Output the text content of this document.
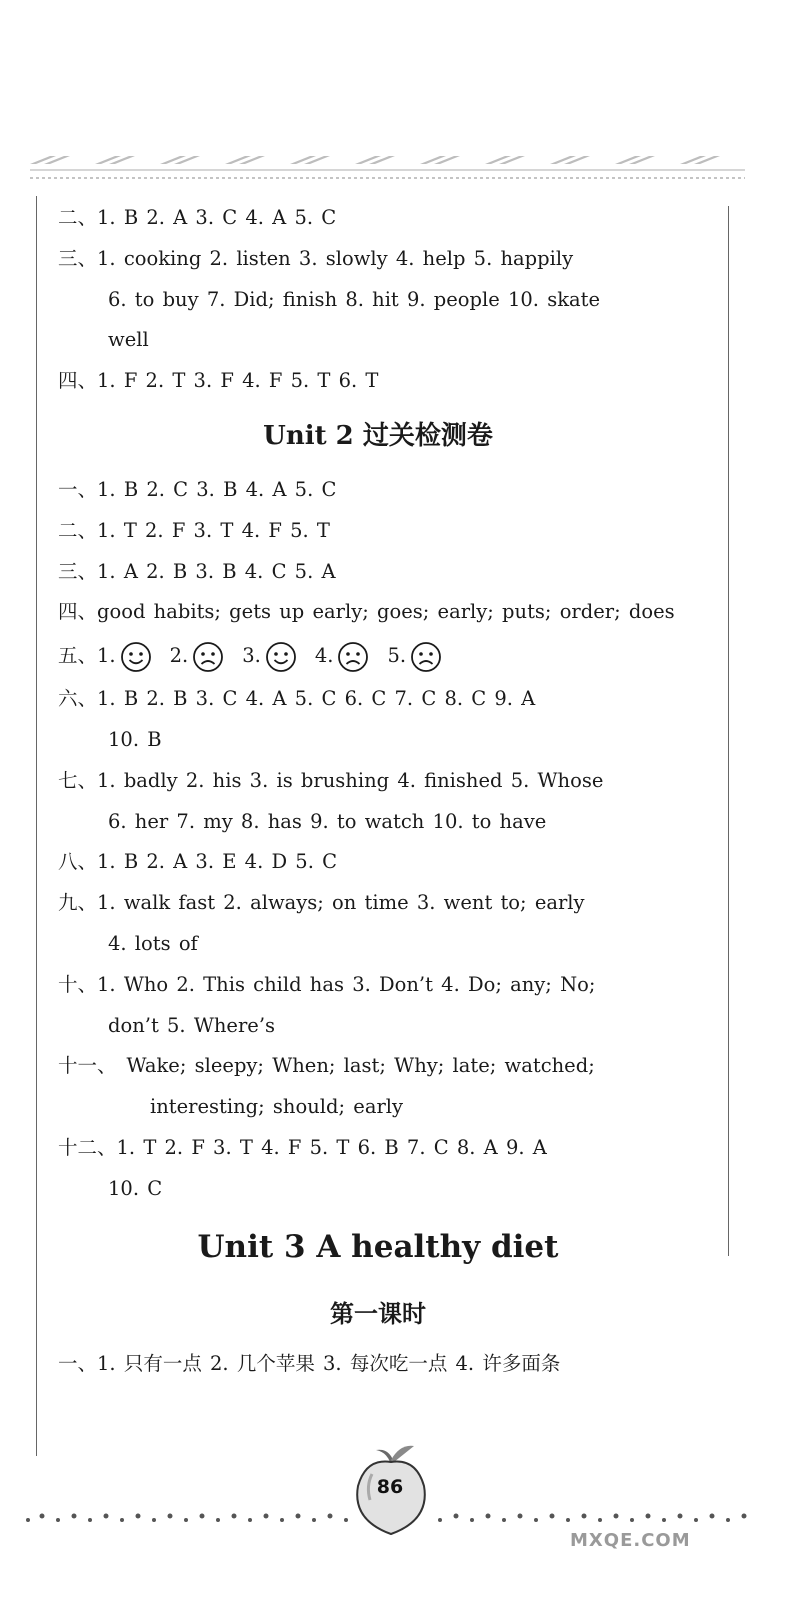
二、1. B 2. A 3. C 4. A 5. C
三、1. cooking 2. listen 3. slowly 4. help 5. happily
6. to buy 7. Did; finish 8. hit 9. people 10. skate
well
四、1. F 2. T 3. F 4. F 5. T 6. T
Unit 2 过关检测卷
一、1. B 2. C 3. B 4. A 5. C
二、1. T 2. F 3. T 4. F 5. T
三、1. A 2. B 3. B 4. C 5. A
四、good habits; gets up early; goes; early; puts; order; does
五、1.	2.	3.	4.	5.
六、1. B 2. B 3. C 4. A 5. C 6. C 7. C 8. C 9. A
10. B
七、1. badly 2. his 3. is brushing 4. finished 5. Whose
6. her 7. my 8. has 9. to watch 10. to have
八、1. B 2. A 3. E 4. D 5. C
九、1. walk fast 2. always; on time 3. went to; early
4. lots of
十、1. Who 2. This child has 3. Don’t 4. Do; any; No;
don’t 5. Where’s
十一、 Wake; sleepy; When; last; Why; late; watched;
interesting; should; early
十二、1. T 2. F 3. T 4. F 5. T 6. B 7. C 8. A 9. A
10. C
Unit 3 A healthy diet
第一课时
一、1. 只有一点 2. 几个苹果 3. 每次吃一点 4. 许多面条
86
MXQE.COM
